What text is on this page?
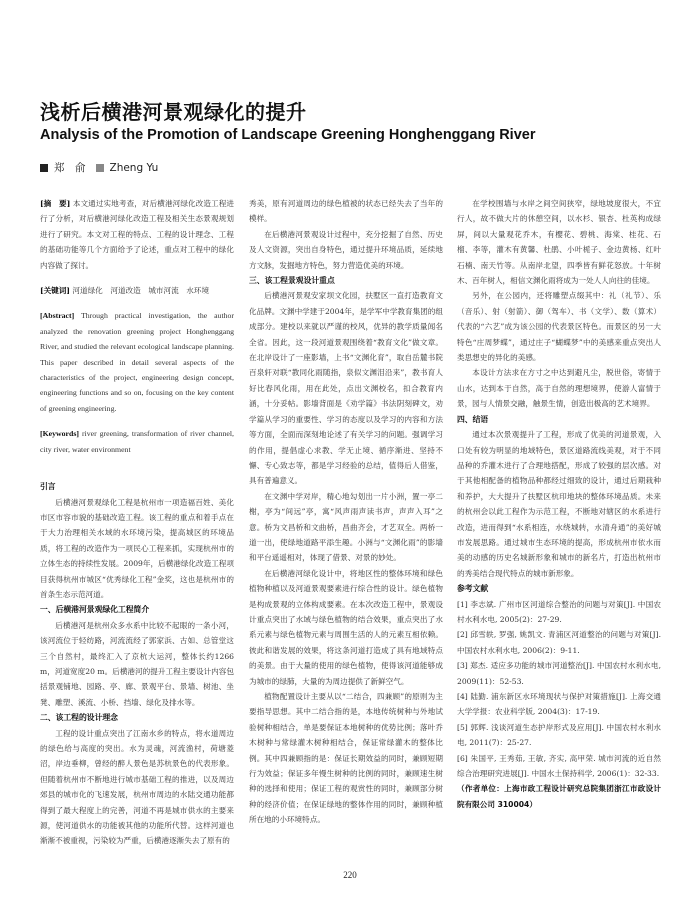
浅析后横港河景观绿化的提升
Analysis of the Promotion of Landscape Greening Honghenggang River
郑　俞 Zheng Yu

[摘　要] 本文通过实地考查，对后横港河绿化改造工程进行了分析，对后横港河绿化改造工程及相关生态景观规划进行了研究。本文对工程的特点、工程的设计理念、工程的基础功能等几个方面给予了论述，重点对工程中的绿化内容做了探讨。

[关键词] 河道绿化　河道改造　城市河流　水环境

[Abstract] Through practical investigation, the author analyzed the renovation greening project Honghenggang River, and studied the relevant ecological landscape planning. This paper described in detail several aspects of the characteristics of the project, engineering design concept, engineering functions and so on, focusing on the key content of greening engineering.

[Keywords] river greening, transformation of river channel, city river, water environment

引言

后横港河景观绿化工程是杭州市一项造福百姓、美化市区市容市貌的基础改造工程。该工程的重点和着手点在于大力治理相关水域的水环境污染，提高城区的环境品质，将工程的改造作为一项民心工程来抓，实现杭州市的立体生态的持续性发展。2009年，后横港绿化改造工程项目获得杭州市城区“优秀绿化工程”金奖，这也是杭州市的首条生态示范河道。

一、后横港河景观绿化工程简介

后横港河是杭州众多水系中比较不起眼的一条小河，该河流位于轻纺路，河流流经了郭家浜、古如、总管堂这三个自然村，最终汇入了京杭大运河，整体长约1266 m，河道宽度20 m。后横港河的提升工程主要设计内容包括景观铺地、园路、亭、廊、景观平台、景墙、树池、坐凳、雕塑、溪流、小桥、挡墙、绿化及排水等。

二、该工程的设计理念

工程的设计重点突出了江南水乡的特点，将水道周边的绿色给与高度的突出。水为灵魂，河流渔村，荷塘菱沼，岸边垂柳，曾经的醉人景色是苏杭景色的代表形象。但随着杭州市不断地进行城市基础工程的推进，以及周边郊县的城市化的飞速发展，杭州市周边的水陆交通功能都得到了最大程度上的完善，河道不再是城市供水的主要来源，使河道供水的功能被其他的功能所代替。这样河道也渐渐不被重视，污染较为严重，后横港逐渐失去了原有的

秀美，原有河道周边的绿色植被的状态已经失去了当年的模样。

在后横港河景观设计过程中，充分挖掘了自然、历史及人文资源，突出自身特色，通过提升环境品质，延续地方文脉，发掘地方特色，努力营造优美的环境。

三、该工程景观设计重点

后横港河景观安家坝文化园，扶墅区一直打造教育文化品牌。文渊中学建于2004年，是学军中学教育集团的组成部分。建校以来就以严谨的校风，优异的教学质量闻名全省。因此，这一段河道景观围绕着“教育文化”做文章。在北岸设计了一座影墙，上书“文渊化育”，取自岳麓书院百泉轩对联“教同化雨随指，泉似文渊泪沿来”，教书育人好比春风化雨，用在此处，点出文渊校名，扣合教育内涵，十分妥帖。影墙背面是《劝学篇》书法阴刻碑文，劝学篇从学习的重要性、学习的态度以及学习的内容和方法等方面，全面而深刻地论述了有关学习的问题。强调学习的作用，提倡虚心求教、学无止境、循序渐进、坚持不懈、专心致志等，都是学习经验的总结，值得后人借鉴，具有普遍意义。

在文渊中学对岸，精心地勾划出一片小洲，置一亭二榭，亭为“间远”亭，寓“风声雨声读书声，声声入耳”之意。桥为文昌桥和文曲桥，昌曲齐会，才艺双全。两桥一道一出，使绿地道路平添生趣。小洲与“文渊化雨”的影墙和平台遥遥相对，体现了借景、对景的妙处。

在后横港河绿化设计中，将地区性的整体环境和绿色植物种植以及河道景观要素进行综合性的设计。绿色植物是构成景观的立体构成要素。在本次改造工程中，景观设计重点突出了水域与绿色植物的结合效果，重点突出了水系元素与绿色植物元素与周围生活的人的元素互相依赖。彼此和谐发展的效果，将这条河道打造成了具有地域特点的美景。由于大量的使用的绿色植物，使得该河道能够成为城市的绿肺，大量的为周边提供了新鲜空气。

植物配置设计主要从以“二结合，四兼顾”的原则为主要指导思想。其中二结合指的是，本地传统树种与外地试验树种相结合，单是要保证本地树种的优势比例；落叶乔木树种与常绿灌木树种相结合，保证常绿灌木的整体比例。其中四兼顾指的是：保证长期效益的同时，兼顾短期行为效益；保证多年慢生树种的比例的同时，兼顾速生树种的选择和使用；保证工程的观赏性的同时，兼顾部分树种的经济价值；在保证绿地的整体作用的同时，兼顾种植所在地的小环境特点。

在学校围墙与水岸之间空间狭窄，绿地坡度很大，不宜行人，故不做大片的休憩空间，以水杉、银杏、杜英构成绿屏，间以大量观花乔木，有樱花、碧桃、海棠、桂花、石榴、李等，灌木有黄馨、杜鹃、小叶栀子、金边黄杨、红叶石楠、南天竹等。从南岸北望，四季皆有鲜花怒放。十年树木、百年树人，相信文渊化雨将成为一处人人向往的佳境。

另外，在公园内，还将雕塑点缀其中：礼（礼节）、乐（音乐）、射（射箭）、御（驾车）、书（文学）、数（算术）代表的“六艺”成为该公园的代表景区特色。而景区的另一大特色“庄周梦蝶”，通过庄子“蝴蝶梦”中的美感来重点突出人类思想史的异化的美感。

本设计方法求在方寸之中达到避凡尘，脱世俗，寄情于山水，达到本于自然，高于自然的理想境界，使游人富情于景，园与人情景交融，触景生情，创造出极高的艺术境界。

四、结语

通过本次景观提升了工程，形成了优美的河道景观，入口处有较为明显的地域特色，景区道路流线美观，对于不同品种的乔灌木进行了合理地搭配，形成了较强的层次感。对于其他相配备的植物品种都经过细致的设计，通过后期栽种和养护，大大提升了扶墅区杭印地块的整体环境品质。未来的杭州会以此工程作为示范工程，不断地对辖区的水系进行改造，进而得到“水系相连，水绕城转，水清舟通”的美好城市发展思路。通过城市生态环境的提高，形成杭州市依水而美的动感的历史名城新形象和城市的新名片，打造出杭州市的秀美结合现代特点的城市新形象。

参考文献

[1] 李志斌. 广州市区河道综合整治的问题与对策[J]. 中国农村水利水电, 2005(2)：27-29.

[2] 邱雪轶, 罗强, 姚凯文. 青浦区河道整治的问题与对策[J]. 中国农村水利水电, 2006(2)：9-11.

[3] 郑杰. 适应多功能的城市河道整治[J]. 中国农村水利水电, 2009(11)：52-53.

[4] 陆勤. 浦东新区水环境现状与保护对策措施[J]. 上海交通大学学报：农业科学版, 2004(3)：17-19.

[5] 郭辉. 浅谈河道生态护岸形式及应用[J]. 中国农村水利水电, 2011(7)：25-27.

[6] 朱国平, 王秀茹, 王敏, 齐实, 高甲荣. 城市河流的近自然综合治理研究进展[J]. 中国水土保持科学, 2006(1)：32-33.

（作者单位：上海市政工程设计研究总院集团浙江市政设计院有限公司 310004）

220
